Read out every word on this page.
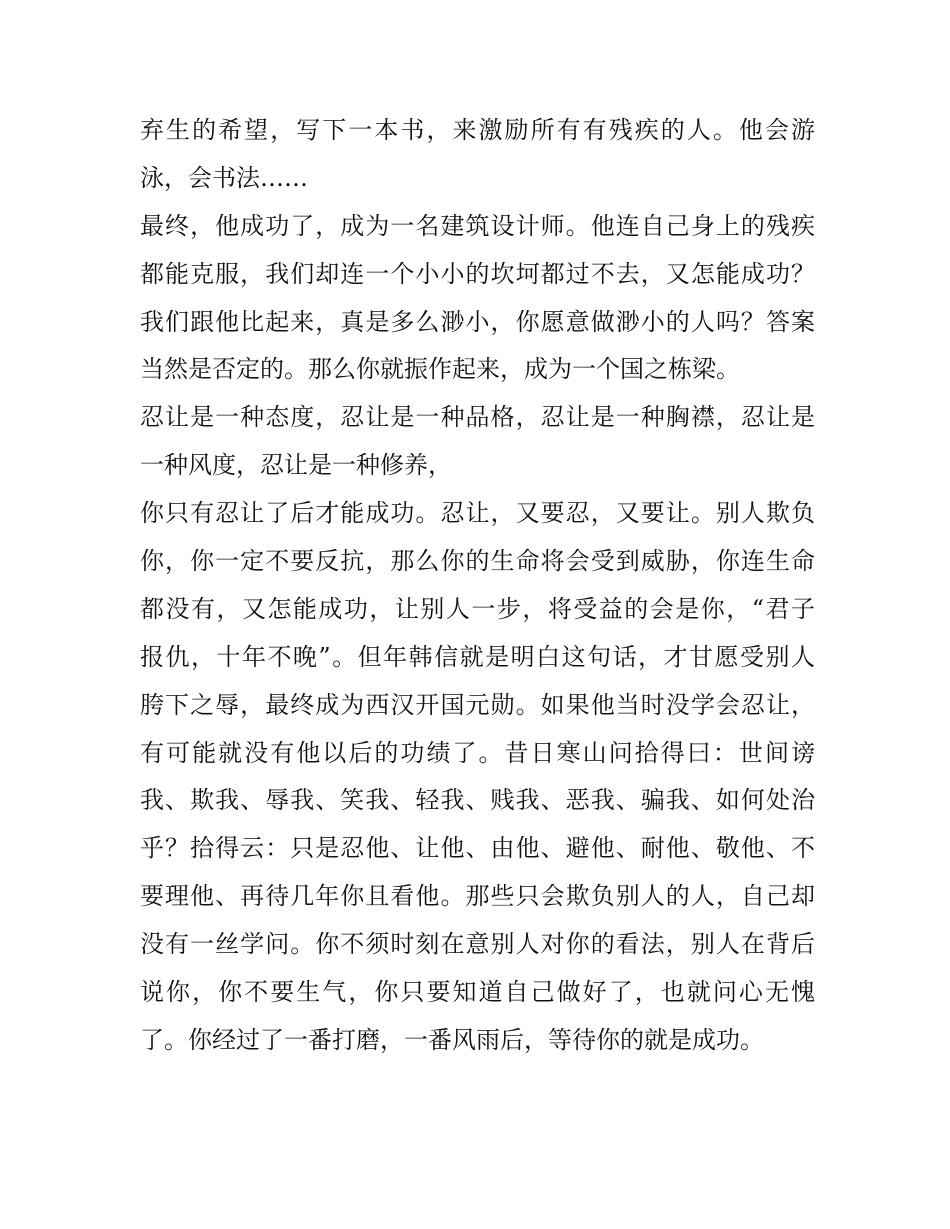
弃生的希望，写下一本书，来激励所有有残疾的人。他会游
泳，会书法……
最终，他成功了，成为一名建筑设计师。他连自己身上的残疾
都能克服，我们却连一个小小的坎坷都过不去，又怎能成功？
我们跟他比起来，真是多么渺小，你愿意做渺小的人吗？答案
当然是否定的。那么你就振作起来，成为一个国之栋梁。
忍让是一种态度，忍让是一种品格，忍让是一种胸襟，忍让是
一种风度，忍让是一种修养，
你只有忍让了后才能成功。忍让，又要忍，又要让。别人欺负
你，你一定不要反抗，那么你的生命将会受到威胁，你连生命
都没有，又怎能成功，让别人一步，将受益的会是你，“君子
报仇，十年不晚”。但年韩信就是明白这句话，才甘愿受别人
胯下之辱，最终成为西汉开国元勋。如果他当时没学会忍让，
有可能就没有他以后的功绩了。昔日寒山问拾得曰：世间谤
我、欺我、辱我、笑我、轻我、贱我、恶我、骗我、如何处治
乎？拾得云：只是忍他、让他、由他、避他、耐他、敬他、不
要理他、再待几年你且看他。那些只会欺负别人的人，自己却
没有一丝学问。你不须时刻在意别人对你的看法，别人在背后
说你，你不要生气，你只要知道自己做好了，也就问心无愧
了。你经过了一番打磨，一番风雨后，等待你的就是成功。
